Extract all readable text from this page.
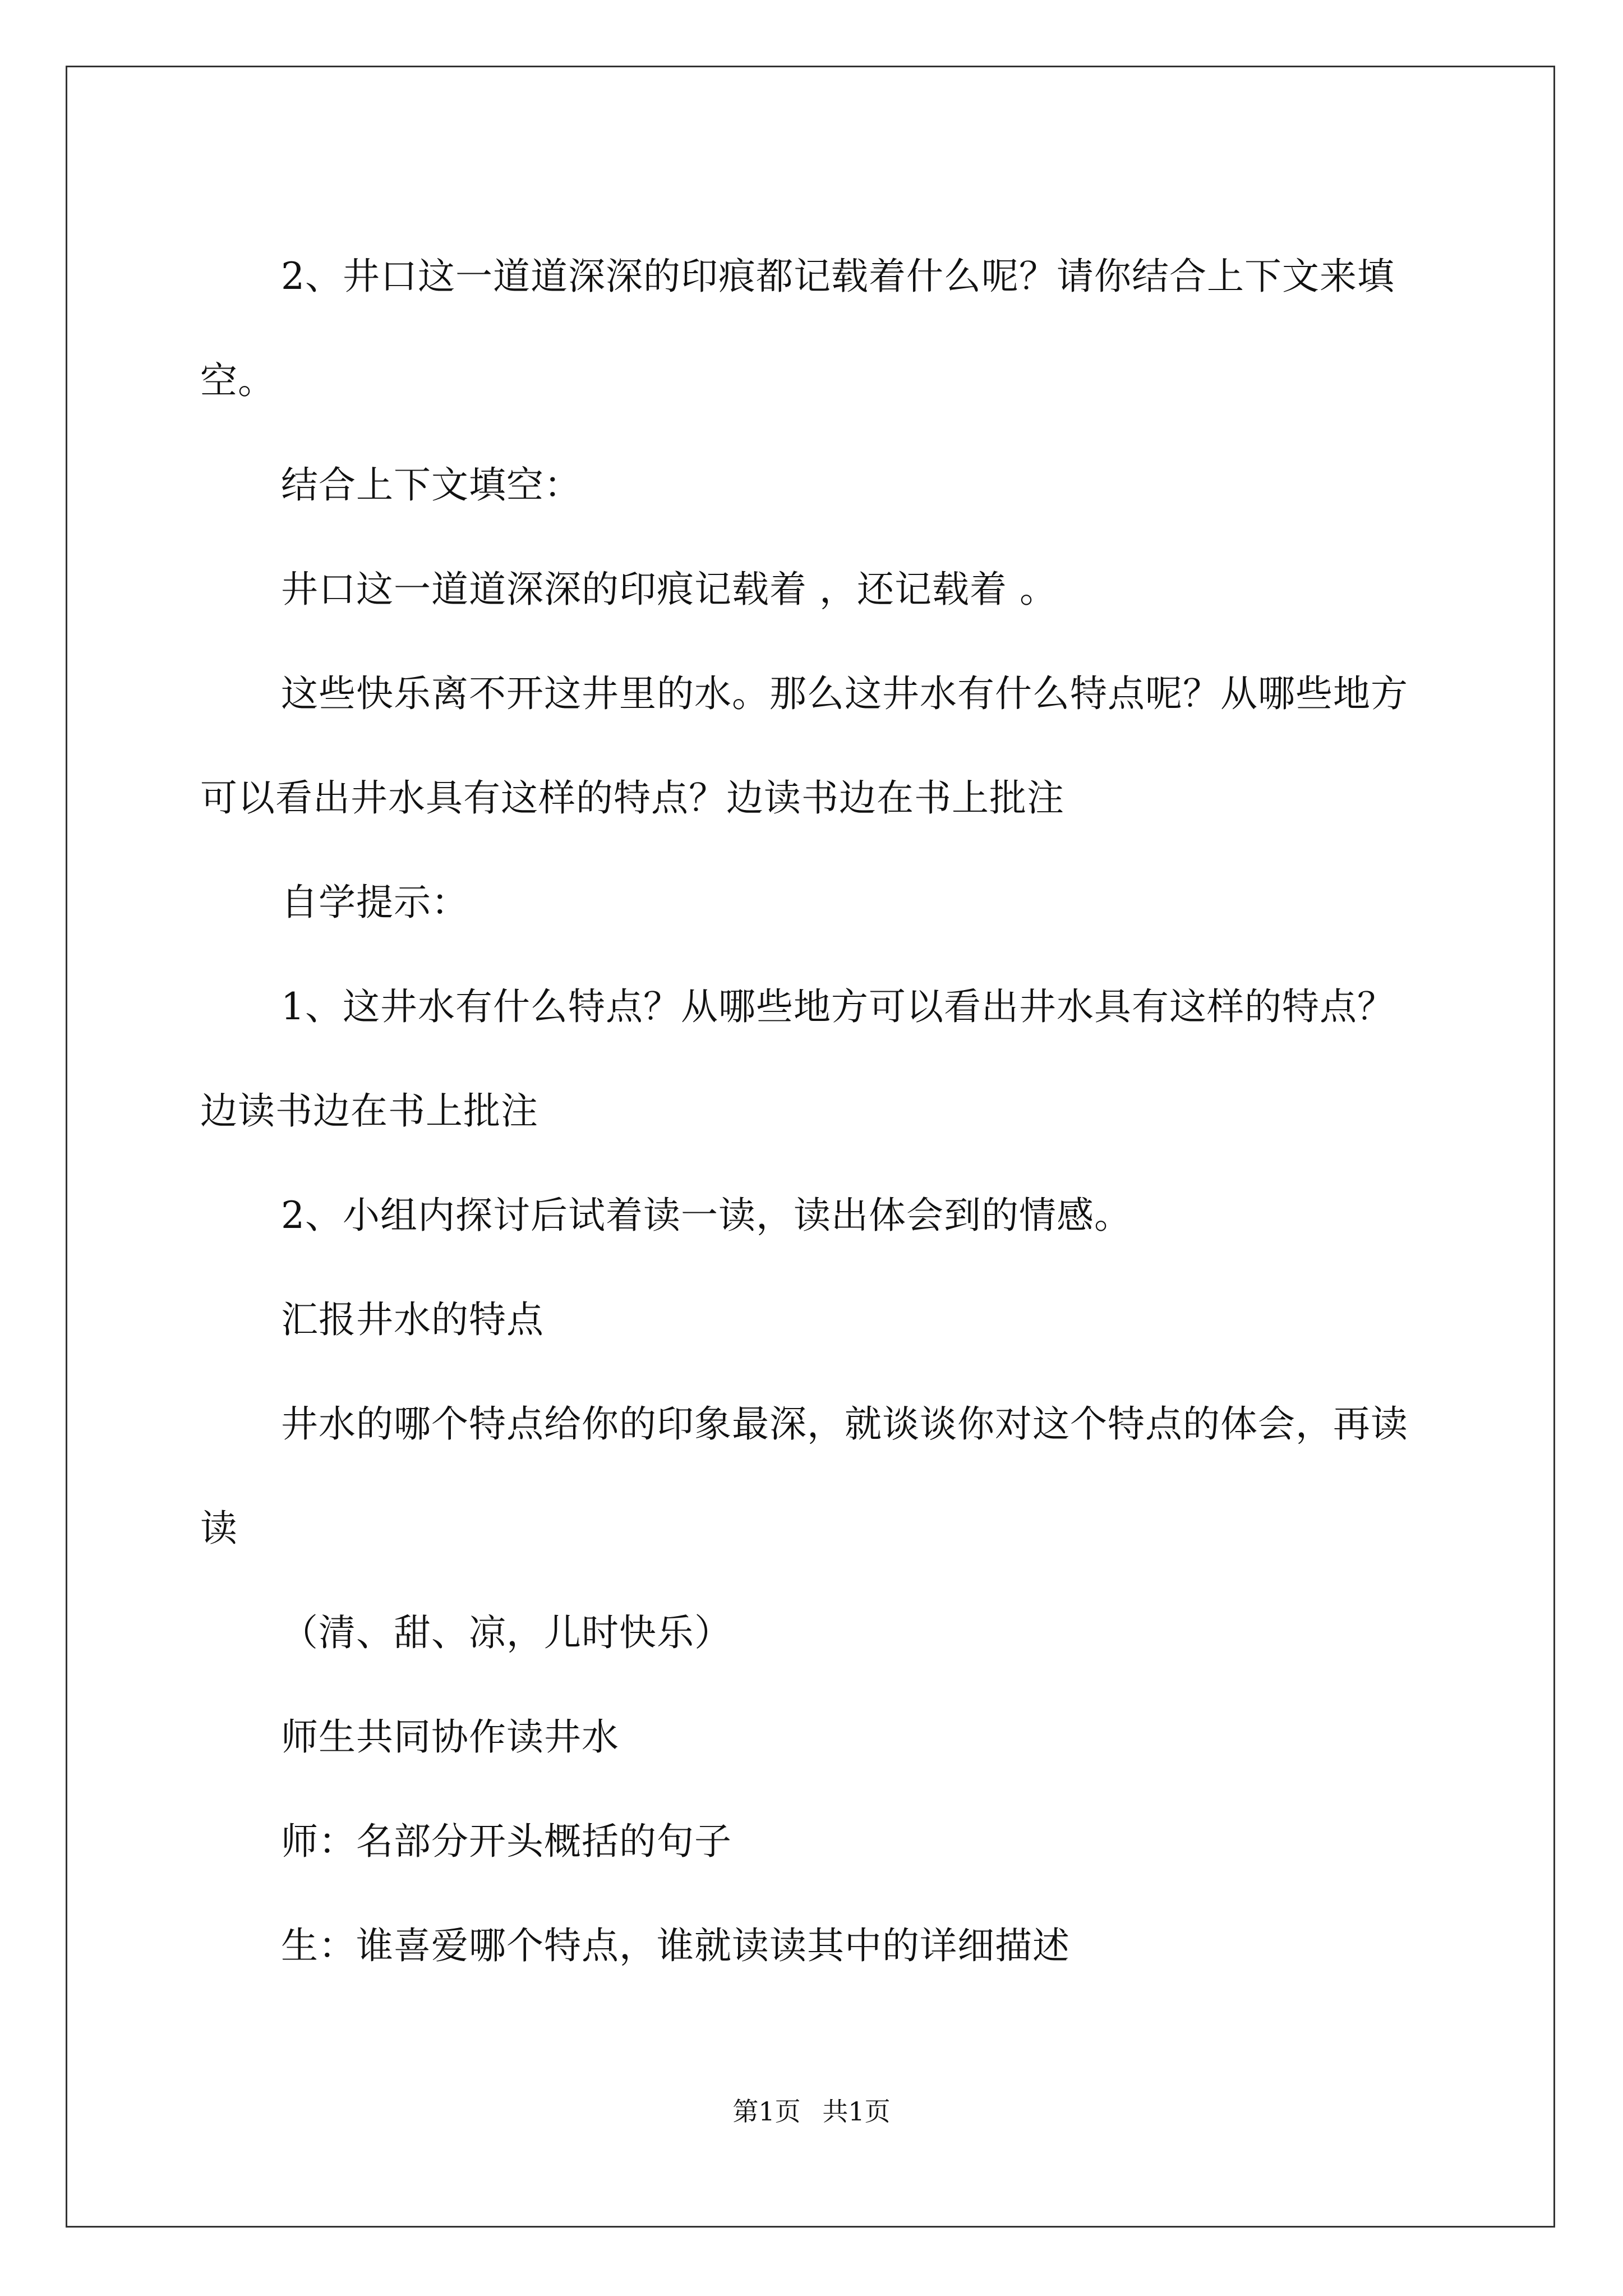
2、井口这一道道深深的印痕都记载着什么呢？请你结合上下文来填空。

结合上下文填空：

井口这一道道深深的印痕记载着 ，还记载着 。

这些快乐离不开这井里的水。那么这井水有什么特点呢？从哪些地方可以看出井水具有这样的特点？边读书边在书上批注

自学提示：

1、这井水有什么特点？从哪些地方可以看出井水具有这样的特点？边读书边在书上批注

2、小组内探讨后试着读一读，读出体会到的情感。

汇报井水的特点

井水的哪个特点给你的印象最深，就谈谈你对这个特点的体会，再读读

（清、甜、凉，儿时快乐）

师生共同协作读井水

师：名部分开头概括的句子

生：谁喜爱哪个特点，谁就读读其中的详细描述

第1页 共1页
